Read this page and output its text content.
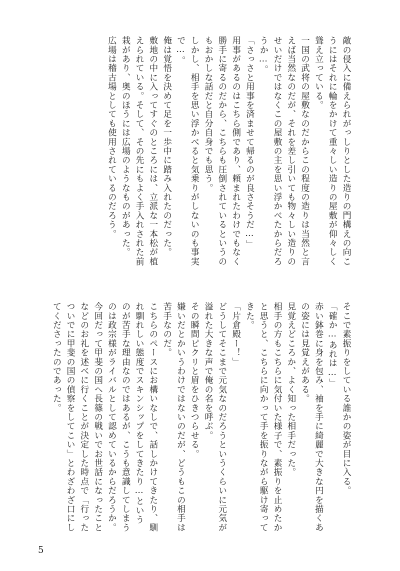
敵の侵入に備えられがっしりとした造りの門構えの向こうにはそれに輪をかけて重々しい造りの屋敷が仰々しく聳え立っている。

一国の武将の屋敷なのだからこの程度の造りは当然と言えば当然なのだが、それを差し引いても物々しい造りのせいだけではなくこの屋敷の主を思い浮かべたからだろうか…。

「さっさと用事を済ませて帰るのが良さそうだ…」

用事があるのはこちら側であり、頼まれたわけでもなく勝手に寄るのだから、こちらも圧倒されているというのもおかしな話だと自分自身でも思う。

しかし、相手を思い浮かべると気乗りがしないのも事実で…。

俺は覚悟を決めて足を一歩中に踏み入れたのだった。

敷地の中に入ってすぐのところには、立派な一本松が植えられている。そして、その先にもよく手入れされた前栽があり、奥のほうには広場のようなものがあった。

広場は稽古場としても使用されているのだろう。

そこで素振りをしている誰かの姿が目に入る。

「確か…あれは…」

赤い鉢巻に身を包み、袖を手に綺麗で大きな円を描くあの姿には見覚えがある。

見覚えどころか、よく知った相手だった。

相手の方もこちらに気付いた様子で、素振りを止めたかと思うと、こちらに向かって手を振りながら駆け寄ってきた。

「片倉殿ー！」

どうしてそこまで元気なのだろうというくらいに元気が溢れた大きな声で俺の名を呼ぶ。

その瞬間ピクリと眉をひきつらせる。

嫌いだとかいうわけではないのだが、どうもこの相手は苦手なのだ。

こちらのペースにお構いなしで、話しかけてきたり、馴れ馴れしい態度でスキンシップをしてきたり…というのが苦手な理由なのではあるが、こうも意識してしまうのは政宗様がライバルとして認めているからだろうか。

今回だって甲斐の国へ長篠の戦いでお世話になったことなどのお礼を述べに行くことが決定した時点で「行ったついでに甲斐の国の偵察をしてこい」とわざわざ口にしてくださったのであった。

5
